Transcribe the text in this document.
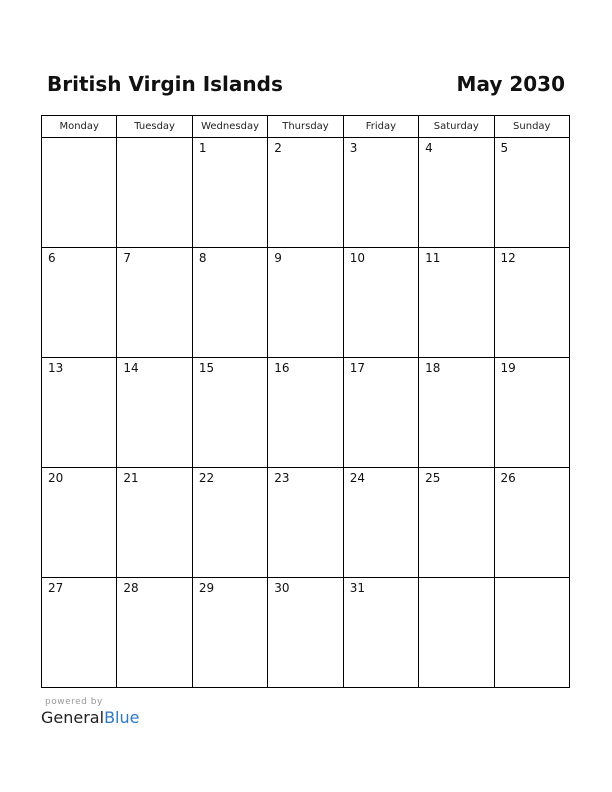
British Virgin Islands	May 2030
Monday	Tuesday	Wednesday	Thursday	Friday	Saturday	Sunday

		1	2	3	4	5

6	7	8	9	10	11	12

13	14	15	16	17	18	19

20	21	22	23	24	25	26

27	28	29	30	31		

powered by
GeneralBlue
